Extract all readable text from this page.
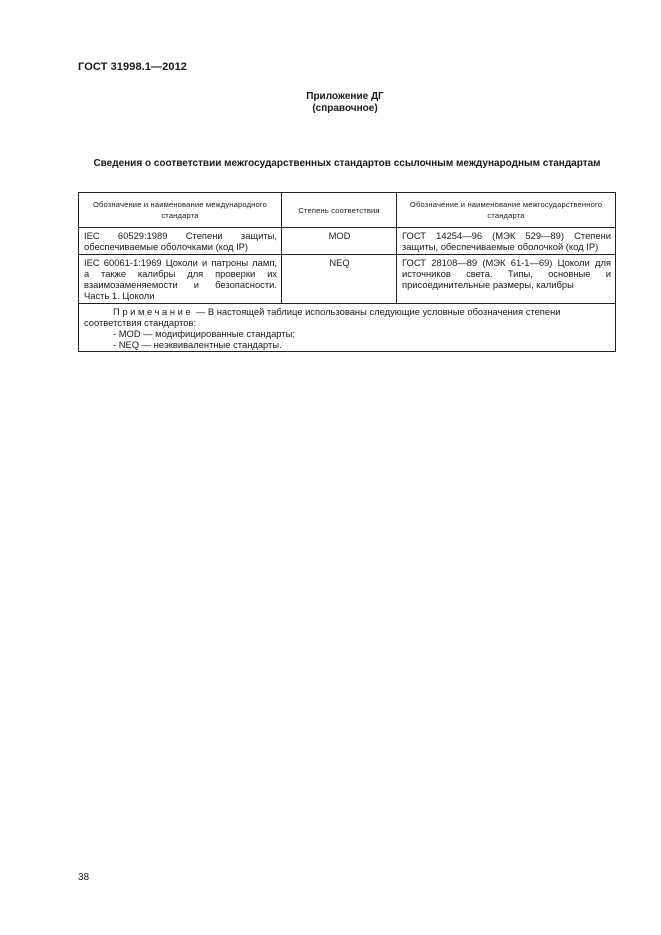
ГОСТ 31998.1—2012
Приложение ДГ
(справочное)
Сведения о соответствии межгосударственных стандартов ссылочным международным стандартам
Обозначение и наименование международного стандарта	Степень соответствия	Обозначение и наименование межгосударственного стандарта
IEC 60529:1989 Степени защиты, обеспечиваемые оболочками (код IP)	MOD	ГОСТ 14254—96 (МЭК 529—89) Степени защиты, обеспечиваемые оболочкой (код IP)
IEC 60061-1:1969 Цоколи и патроны ламп, а также калибры для проверки их взаимозаменяемости и безопасности. Часть 1. Цоколи	NEQ	ГОСТ 28108—89 (МЭК 61-1—69) Цоколи для источников света. Типы, основные и присоединительные размеры, калибры

Примечание — В настоящей таблице использованы следующие условные обозначения степени соответствия стандартов:
- MOD — модифицированные стандарты;
- NEQ — неэквивалентные стандарты.		
38
